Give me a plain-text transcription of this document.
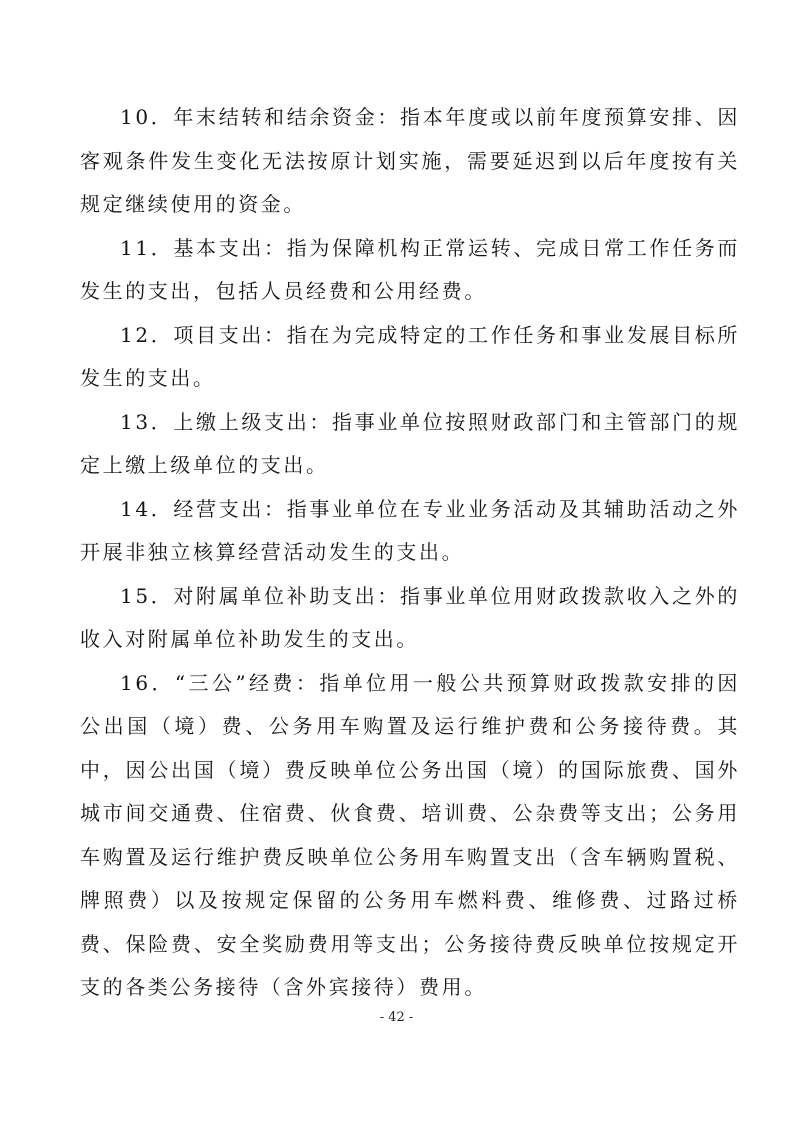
10．年末结转和结余资金：指本年度或以前年度预算安排、因客观条件发生变化无法按原计划实施，需要延迟到以后年度按有关规定继续使用的资金。

11．基本支出：指为保障机构正常运转、完成日常工作任务而发生的支出，包括人员经费和公用经费。

12．项目支出：指在为完成特定的工作任务和事业发展目标所发生的支出。

13．上缴上级支出：指事业单位按照财政部门和主管部门的规定上缴上级单位的支出。

14．经营支出：指事业单位在专业业务活动及其辅助活动之外开展非独立核算经营活动发生的支出。

15．对附属单位补助支出：指事业单位用财政拨款收入之外的收入对附属单位补助发生的支出。

16．“三公”经费：指单位用一般公共预算财政拨款安排的因公出国（境）费、公务用车购置及运行维护费和公务接待费。其中，因公出国（境）费反映单位公务出国（境）的国际旅费、国外城市间交通费、住宿费、伙食费、培训费、公杂费等支出；公务用车购置及运行维护费反映单位公务用车购置支出（含车辆购置税、牌照费）以及按规定保留的公务用车燃料费、维修费、过路过桥费、保险费、安全奖励费用等支出；公务接待费反映单位按规定开支的各类公务接待（含外宾接待）费用。

- 42 -
